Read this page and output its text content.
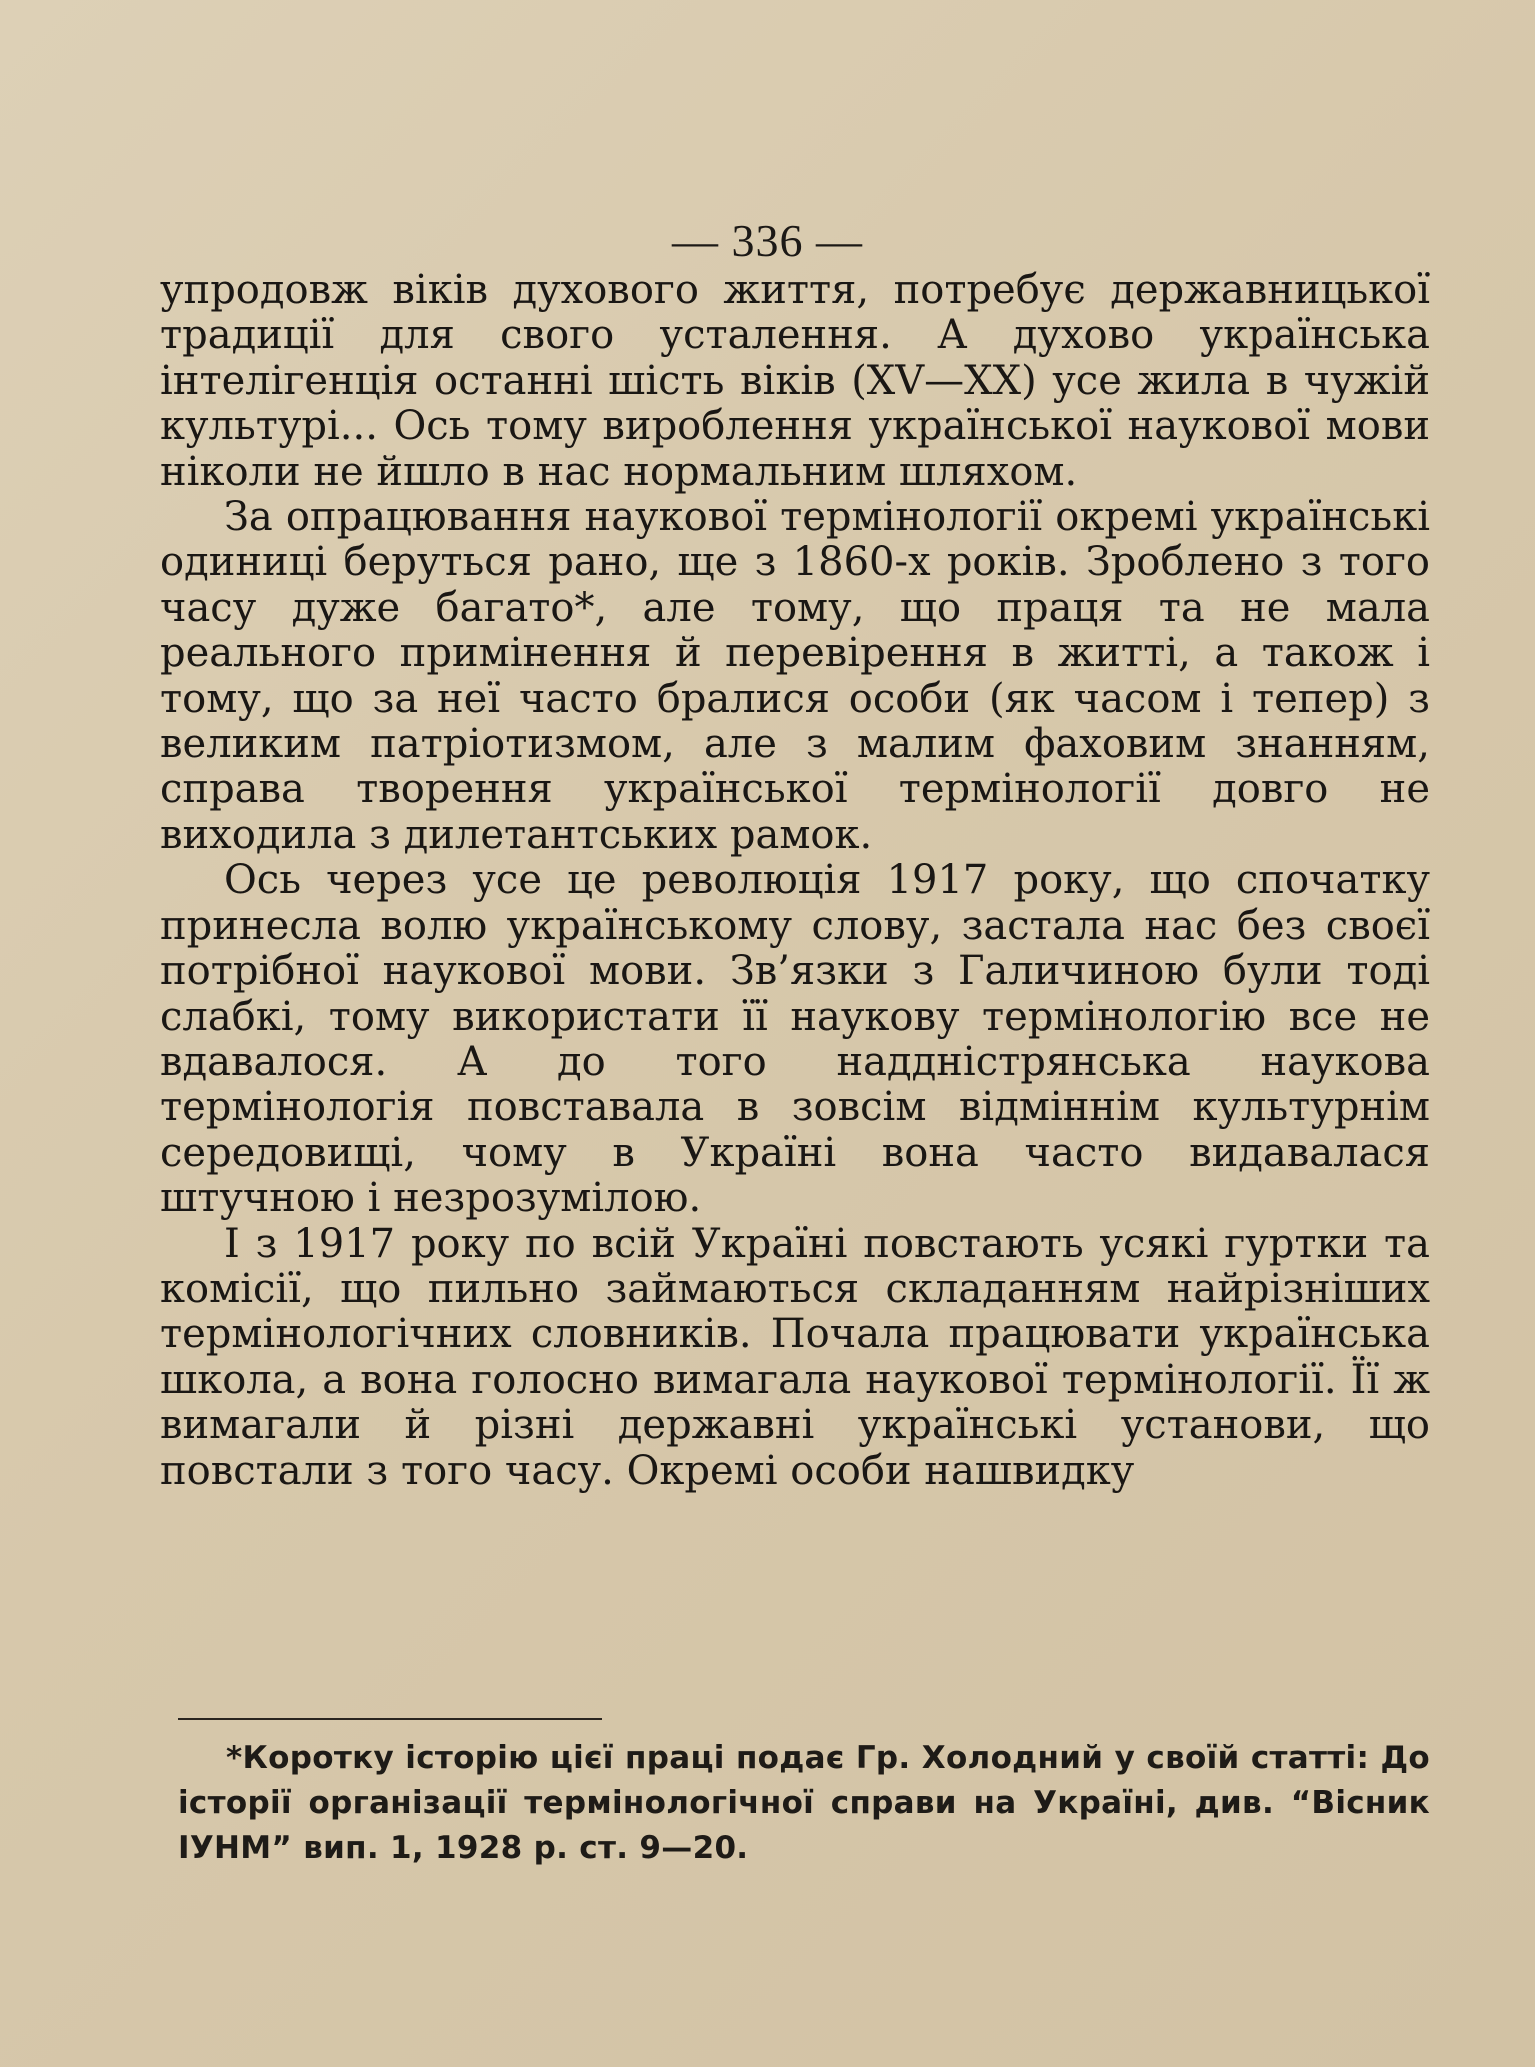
— 336 —

упродовж віків духового життя, потребує державницької традиції для свого усталення. А духово українська інтелігенція останні шість віків (XV—XX) усе жила в чужій культурі... Ось тому вироблення української наукової мови ніколи не йшло в нас нормальним шляхом.

За опрацювання наукової термінології окремі українські одиниці беруться рано, ще з 1860-х років. Зроблено з того часу дуже багато*, але тому, що праця та не мала реального примінення й перевірення в житті, а також і тому, що за неї часто бралися особи (як часом і тепер) з великим патріотизмом, але з малим фаховим знанням, справа творення української термінології довго не виходила з дилетантських рамок.

Ось через усе це революція 1917 року, що спочатку принесла волю українському слову, застала нас без своєї потрібної наукової мови. Зв’язки з Галичиною були тоді слабкі, тому використати її наукову термінологію все не вдавалося. А до того наддністрянська наукова термінологія повставала в зовсім відміннім культурнім середовищі, чому в Україні вона часто видавалася штучною і незрозумілою.

І з 1917 року по всій Україні повстають усякі гуртки та комісії, що пильно займаються складанням найрізніших термінологічних словників. Почала працювати українська школа, а вона голосно вимагала наукової термінології. Її ж вимагали й різні державні українські установи, що повстали з того часу. Окремі особи нашвидку

*Коротку історію цієї праці подає Гр. Холодний у своїй статті: До історії організації термінологічної справи на Україні, див. “Вісник ІУНМ” вип. 1, 1928 р. ст. 9—20.
